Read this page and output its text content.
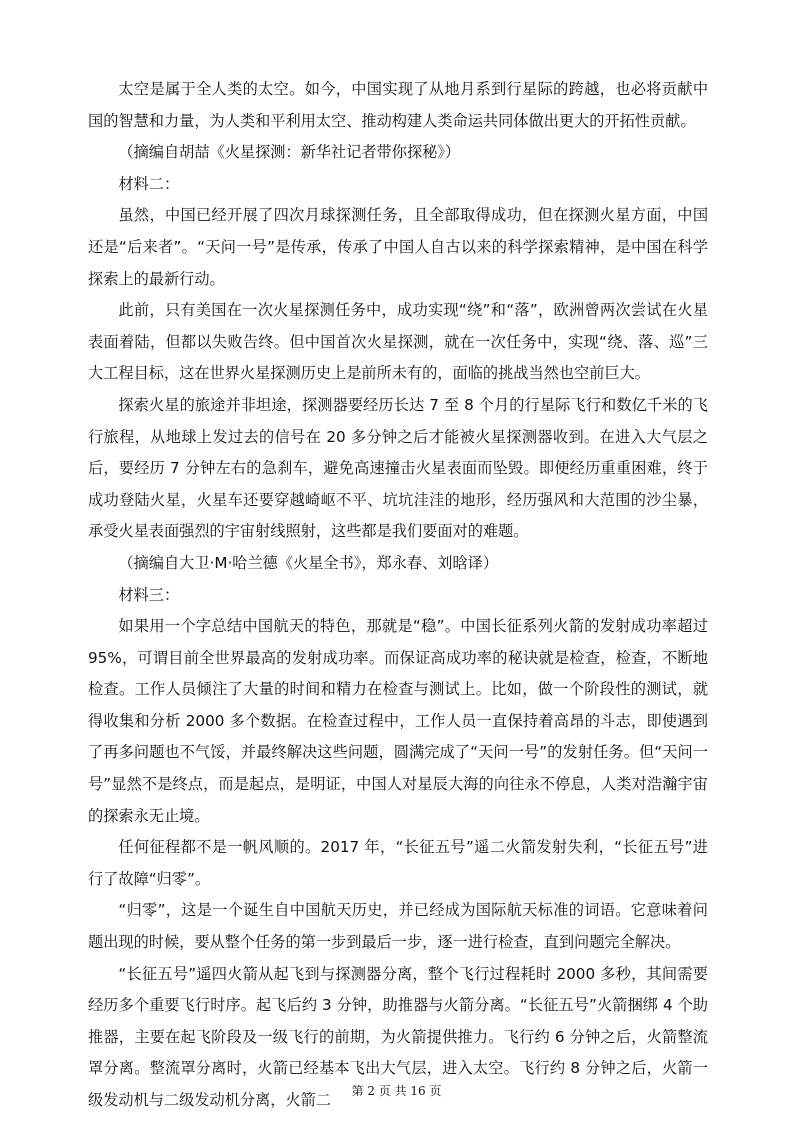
太空是属于全人类的太空。如今，中国实现了从地月系到行星际的跨越，也必将贡献中国的智慧和力量，为人类和平利用太空、推动构建人类命运共同体做出更大的开拓性贡献。

（摘编自胡喆《火星探测：新华社记者带你探秘》）

材料二：

虽然，中国已经开展了四次月球探测任务，且全部取得成功，但在探测火星方面，中国还是“后来者”。“天问一号”是传承，传承了中国人自古以来的科学探索精神，是中国在科学探索上的最新行动。

此前，只有美国在一次火星探测任务中，成功实现“绕”和“落”，欧洲曾两次尝试在火星表面着陆，但都以失败告终。但中国首次火星探测，就在一次任务中，实现“绕、落、巡”三大工程目标，这在世界火星探测历史上是前所未有的，面临的挑战当然也空前巨大。

探索火星的旅途并非坦途，探测器要经历长达 7 至 8 个月的行星际飞行和数亿千米的飞行旅程，从地球上发过去的信号在 20 多分钟之后才能被火星探测器收到。在进入大气层之后，要经历 7 分钟左右的急刹车，避免高速撞击火星表面而坠毁。即便经历重重困难，终于成功登陆火星，火星车还要穿越崎岖不平、坑坑洼洼的地形，经历强风和大范围的沙尘暴，承受火星表面强烈的宇宙射线照射，这些都是我们要面对的难题。

（摘编自大卫·M·哈兰德《火星全书》，郑永春、刘晗译）

材料三：

如果用一个字总结中国航天的特色，那就是“稳”。中国长征系列火箭的发射成功率超过 95%，可谓目前全世界最高的发射成功率。而保证高成功率的秘诀就是检查，检查，不断地检查。工作人员倾注了大量的时间和精力在检查与测试上。比如，做一个阶段性的测试，就得收集和分析 2000 多个数据。在检查过程中，工作人员一直保持着高昂的斗志，即使遇到了再多问题也不气馁，并最终解决这些问题，圆满完成了“天问一号”的发射任务。但“天问一号”显然不是终点，而是起点，是明证，中国人对星辰大海的向往永不停息，人类对浩瀚宇宙的探索永无止境。

任何征程都不是一帆风顺的。2017 年，“长征五号”遥二火箭发射失利，“长征五号”进行了故障“归零”。

“归零”，这是一个诞生自中国航天历史，并已经成为国际航天标准的词语。它意味着问题出现的时候，要从整个任务的第一步到最后一步，逐一进行检查，直到问题完全解决。

“长征五号”遥四火箭从起飞到与探测器分离，整个飞行过程耗时 2000 多秒，其间需要经历多个重要飞行时序。起飞后约 3 分钟，助推器与火箭分离。“长征五号”火箭捆绑 4 个助推器，主要在起飞阶段及一级飞行的前期，为火箭提供推力。飞行约 6 分钟之后，火箭整流罩分离。整流罩分离时，火箭已经基本飞出大气层，进入太空。飞行约 8 分钟之后，火箭一级发动机与二级发动机分离，火箭二	第 2 页 共 16 页
